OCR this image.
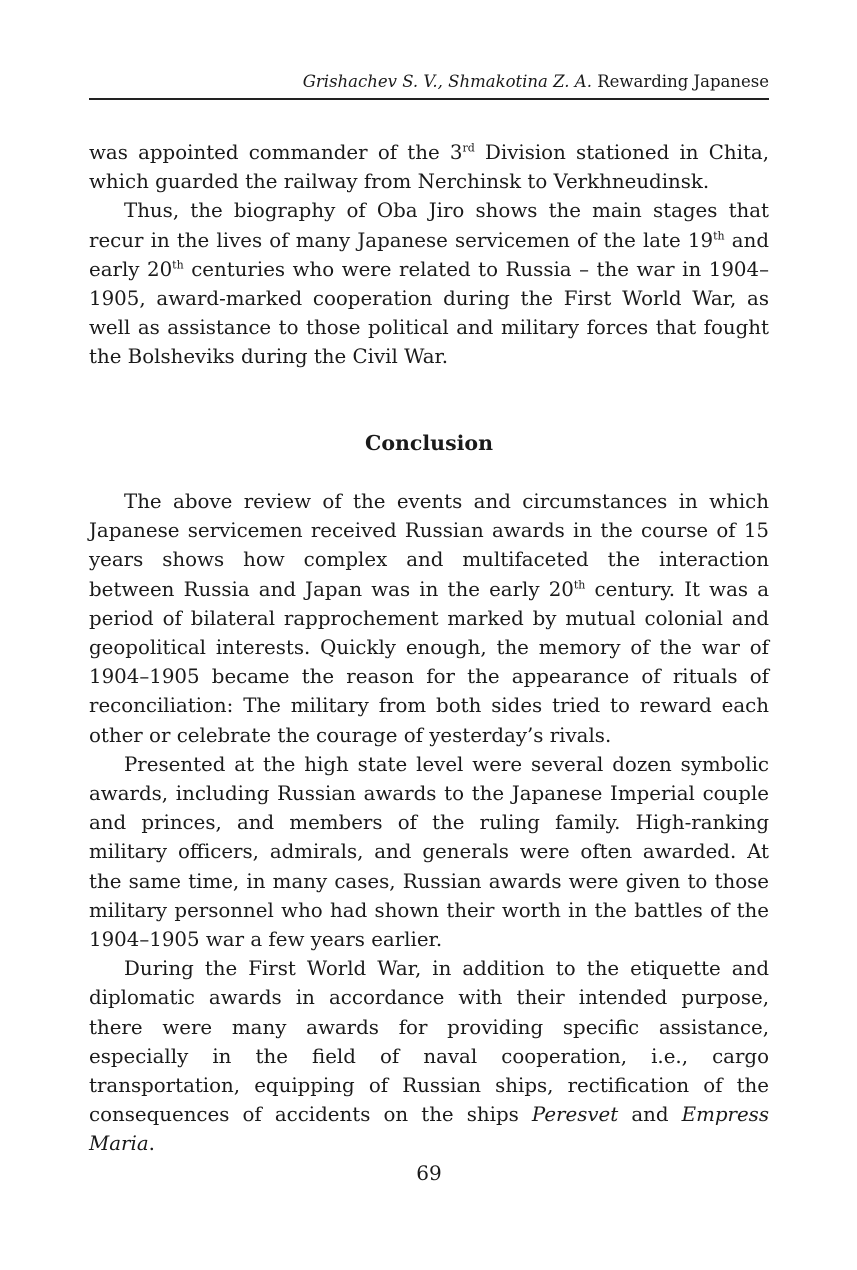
Grishachev S. V., Shmakotina Z. A. Rewarding Japanese

was appointed commander of the 3rd Division stationed in Chita, which guarded the railway from Nerchinsk to Verkhneudinsk.

Thus, the biography of Oba Jiro shows the main stages that recur in the lives of many Japanese servicemen of the late 19th and early 20th centuries who were related to Russia – the war in 1904–1905, award-marked cooperation during the First World War, as well as assistance to those political and military forces that fought the Bolsheviks during the Civil War.

Conclusion

The above review of the events and circumstances in which Japanese servicemen received Russian awards in the course of 15 years shows how complex and multifaceted the interaction between Russia and Japan was in the early 20th century. It was a period of bilateral rapprochement marked by mutual colonial and geopolitical interests. Quickly enough, the memory of the war of 1904–1905 became the reason for the appearance of rituals of reconciliation: The military from both sides tried to reward each other or celebrate the courage of yesterday’s rivals.

Presented at the high state level were several dozen symbolic awards, including Russian awards to the Japanese Imperial couple and princes, and members of the ruling family. High-ranking military officers, admirals, and generals were often awarded. At the same time, in many cases, Russian awards were given to those military personnel who had shown their worth in the battles of the 1904–1905 war a few years earlier.

During the First World War, in addition to the etiquette and diplomatic awards in accordance with their intended purpose, there were many awards for providing specific assistance, especially in the field of naval cooperation, i.e., cargo transportation, equipping of Russian ships, rectification of the consequences of accidents on the ships Peresvet and Empress Maria.

69
